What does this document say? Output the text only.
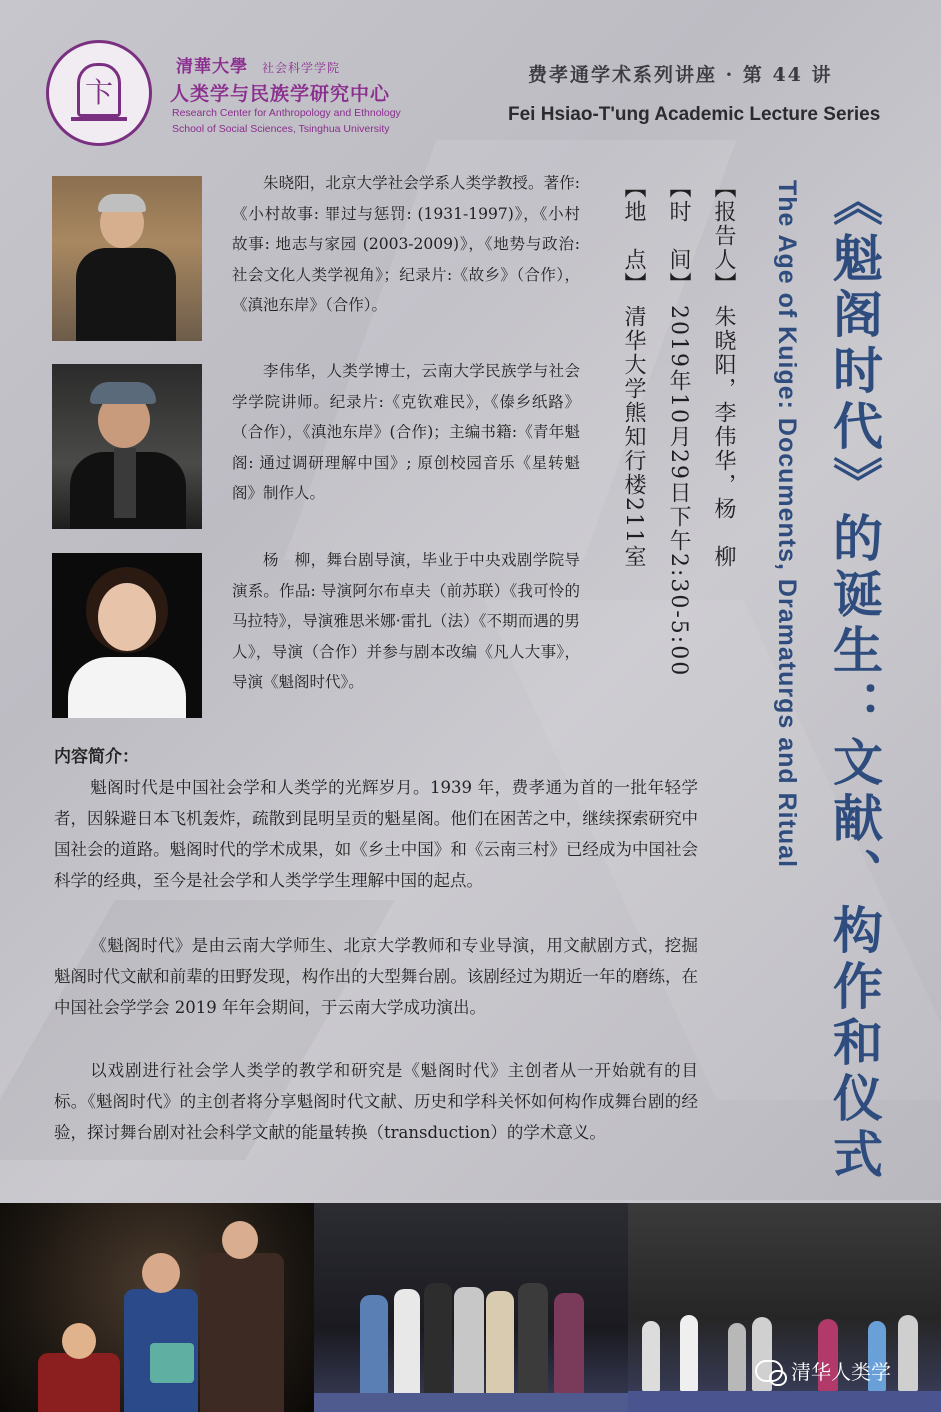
卞
清華大學 社会科学学院
人类学与民族学研究中心
Research Center for Anthropology and Ethnology
School of Social Sciences, Tsinghua University
费孝通学术系列讲座 · 第 44 讲
Fei Hsiao-T'ung Academic Lecture Series
朱晓阳，北京大学社会学系人类学教授。著作:《小村故事: 罪过与惩罚: (1931-1997)》，《小村故事: 地志与家园 (2003-2009)》，《地势与政治: 社会文化人类学视角》；纪录片:《故乡》（合作），《滇池东岸》（合作）。
李伟华，人类学博士，云南大学民族学与社会学学院讲师。纪录片:《克钦难民》，《傣乡纸路》（合作），《滇池东岸》(合作)；主编书籍:《青年魁阁: 通过调研理解中国》; 原创校园音乐《星转魁阁》制作人。
杨　柳，舞台剧导演，毕业于中央戏剧学院导演系。作品: 导演阿尔布卓夫（前苏联）《我可怜的马拉特》，导演雅思米娜·雷扎（法）《不期而遇的男人》，导演（合作）并参与剧本改编《凡人大事》，导演《魁阁时代》。
【报告人】 朱晓阳，李伟华，杨　柳
【时　间】 2019年10月29日下午2:30-5:00
【地　点】 清华大学熊知行楼211室	The Age of Kuige: Documents, Dramaturgs and Ritual 《魁阁时代》的诞生：文献、构作和仪式
内容简介：
魁阁时代是中国社会学和人类学的光辉岁月。1939 年，费孝通为首的一批年轻学者，因躲避日本飞机轰炸，疏散到昆明呈贡的魁星阁。他们在困苦之中，继续探索研究中国社会的道路。魁阁时代的学术成果，如《乡土中国》和《云南三村》已经成为中国社会科学的经典，至今是社会学和人类学学生理解中国的起点。
《魁阁时代》是由云南大学师生、北京大学教师和专业导演，用文献剧方式，挖掘魁阁时代文献和前辈的田野发现，构作出的大型舞台剧。该剧经过为期近一年的磨练，在中国社会学学会 2019 年年会期间，于云南大学成功演出。
以戏剧进行社会学人类学的教学和研究是《魁阁时代》主创者从一开始就有的目标。《魁阁时代》的主创者将分享魁阁时代文献、历史和学科关怀如何构作成舞台剧的经验，探讨舞台剧对社会科学文献的能量转换（transduction）的学术意义。
清华人类学
